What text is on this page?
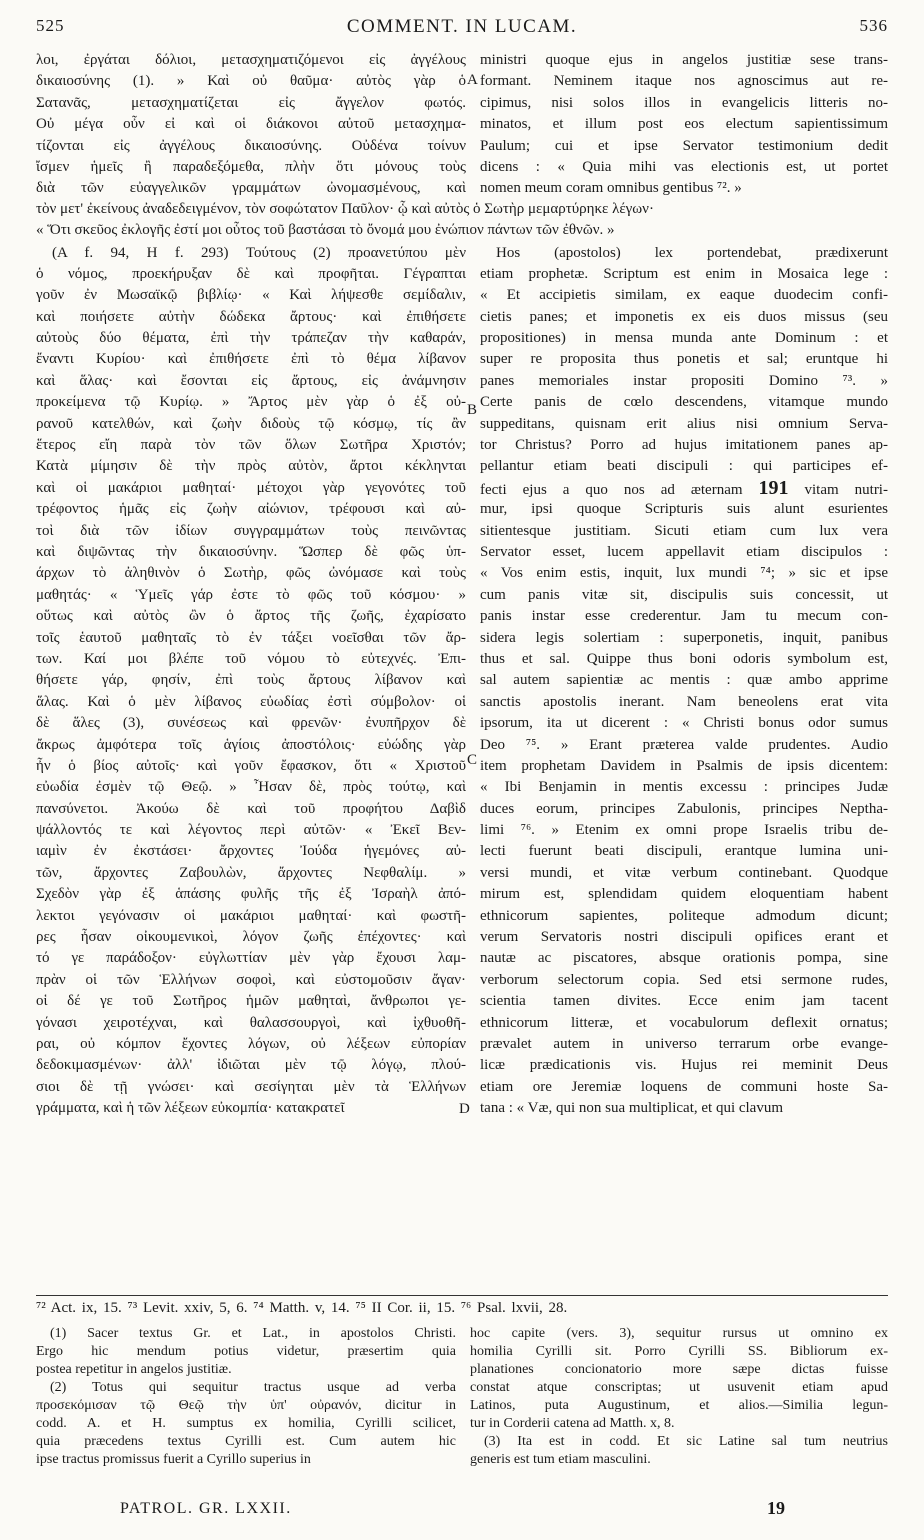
525	COMMENT. IN LUCAM.	536
λοι, ἐργάται δόλιοι, μετασχηματιζόμενοι εἰς ἀγγέλους
δικαιοσύνης (1). » Καὶ οὐ θαῦμα· αὐτὸς γὰρ ὁ
Σατανᾶς, μετασχηματίζεται εἰς ἄγγελον φωτός.
Οὐ μέγα οὖν εἰ καὶ οἱ διάκονοι αὐτοῦ μετασχημα-
τίζονται εἰς ἀγγέλους δικαιοσύνης. Οὐδένα τοίνυν
ἴσμεν ἡμεῖς ἢ παραδεξόμεθα, πλὴν ὅτι μόνους τοὺς
διὰ τῶν εὐαγγελικῶν γραμμάτων ὠνομασμένους, καὶ
(A f. 94, H f. 293) Τούτους (2) προανετύπου μὲν
ὁ νόμος, προεκήρυξαν δὲ καὶ προφῆται. Γέγραπται
γοῦν ἐν Μωσαϊκῷ βιβλίῳ· « Καὶ λήψεσθε σεμίδαλιν,
καὶ ποιήσετε αὐτὴν δώδεκα ἄρτους· καὶ ἐπιθήσετε
αὐτοὺς δύο θέματα, ἐπὶ τὴν τράπεζαν τὴν καθαράν,
ἔναντι Κυρίου· καὶ ἐπιθήσετε ἐπὶ τὸ θέμα λίβανον
καὶ ἅλας· καὶ ἔσονται εἰς ἄρτους, εἰς ἀνάμνησιν
προκείμενα τῷ Κυρίῳ. » Ἄρτος μὲν γὰρ ὁ ἐξ οὐ-
ρανοῦ κατελθών, καὶ ζωὴν διδοὺς τῷ κόσμῳ, τίς ἂν
ἕτερος εἴη παρὰ τὸν τῶν ὅλων Σωτῆρα Χριστόν;
Κατὰ μίμησιν δὲ τὴν πρὸς αὐτὸν, ἄρτοι κέκληνται
καὶ οἱ μακάριοι μαθηταί· μέτοχοι γὰρ γεγονότες τοῦ
τρέφοντος ἡμᾶς εἰς ζωὴν αἰώνιον, τρέφουσι καὶ αὐ-
τοὶ διὰ τῶν ἰδίων συγγραμμάτων τοὺς πεινῶντας
καὶ διψῶντας τὴν δικαιοσύνην. Ὥσπερ δὲ φῶς ὑπ-
άρχων τὸ ἀληθινὸν ὁ Σωτὴρ, φῶς ὠνόμασε καὶ τοὺς
μαθητάς· « Ὑμεῖς γάρ ἐστε τὸ φῶς τοῦ κόσμου· »
οὕτως καὶ αὐτὸς ὢν ὁ ἄρτος τῆς ζωῆς, ἐχαρίσατο
τοῖς ἑαυτοῦ μαθηταῖς τὸ ἐν τάξει νοεῖσθαι τῶν ἄρ-
των. Καί μοι βλέπε τοῦ νόμου τὸ εὐτεχνές. Ἐπι-
θήσετε γάρ, φησίν, ἐπὶ τοὺς ἄρτους λίβανον καὶ
ἅλας. Καὶ ὁ μὲν λίβανος εὐωδίας ἐστὶ σύμβολον· οἱ
δὲ ἅλες (3), συνέσεως καὶ φρενῶν· ἐνυπῆρχον δὲ
ἄκρως ἀμφότερα τοῖς ἁγίοις ἀποστόλοις· εὐώδης γὰρ
ἦν ὁ βίος αὐτοῖς· καὶ γοῦν ἔφασκον, ὅτι « Χριστοῦ
εὐωδία ἐσμὲν τῷ Θεῷ. » Ἦσαν δὲ, πρὸς τούτῳ, καὶ
πανσύνετοι. Ἀκούω δὲ καὶ τοῦ προφήτου Δαβὶδ
ψάλλοντός τε καὶ λέγοντος περὶ αὐτῶν· « Ἐκεῖ Βεν-
ιαμὶν ἐν ἐκστάσει· ἄρχοντες Ἰούδα ἡγεμόνες αὐ-
τῶν, ἄρχοντες Ζαβουλὼν, ἄρχοντες Νεφθαλίμ. »
Σχεδὸν γὰρ ἐξ ἁπάσης φυλῆς τῆς ἐξ Ἰσραὴλ ἀπό-
λεκτοι γεγόνασιν οἱ μακάριοι μαθηταί· καὶ φωστῆ-
ρες ἦσαν οἰκουμενικοὶ, λόγον ζωῆς ἐπέχοντες· καὶ
τό γε παράδοξον· εὐγλωττίαν μὲν γὰρ ἔχουσι λαμ-
πρὰν οἱ τῶν Ἑλλήνων σοφοὶ, καὶ εὐστομοῦσιν ἄγαν·
οἱ δέ γε τοῦ Σωτῆρος ἡμῶν μαθηταὶ, ἄνθρωποι γε-
γόνασι χειροτέχναι, καὶ θαλασσουργοὶ, καὶ ἰχθυοθῆ-
ραι, οὐ κόμπον ἔχοντες λόγων, οὐ λέξεων εὐπορίαν
δεδοκιμασμένων· ἀλλ' ἰδιῶται μὲν τῷ λόγῳ, πλού-
σιοι δὲ τῇ γνώσει· καὶ σεσίγηται μὲν τὰ Ἑλλήνων
γράμματα, καὶ ἡ τῶν λέξεων εὐκομπία· κατακρατεῖ
ministri quoque ejus in angelos justitiæ sese trans-
formant. Neminem itaque nos agnoscimus aut re-
cipimus, nisi solos illos in evangelicis litteris no-
minatos, et illum post eos electum sapientissimum
Paulum; cui et ipse Servator testimonium dedit
dicens : « Quia mihi vas electionis est, ut portet
nomen meum coram omnibus gentibus ⁷². »
Hos (apostolos) lex portendebat, prædixerunt
etiam prophetæ. Scriptum est enim in Mosaica lege :
« Et accipietis similam, ex eaque duodecim confi-
cietis panes; et imponetis ex eis duos missus (seu
propositiones) in mensa munda ante Dominum : et
super re proposita thus ponetis et sal; eruntque hi
panes memoriales instar propositi Domino ⁷³. »
Certe panis de cœlo descendens, vitamque mundo
suppeditans, quisnam erit alius nisi omnium Serva-
tor Christus? Porro ad hujus imitationem panes ap-
pellantur etiam beati discipuli : qui participes ef-
fecti ejus a quo nos ad æternam 191 vitam nutri-
mur, ipsi quoque Scripturis suis alunt esurientes
sitientesque justitiam. Sicuti etiam cum lux vera
Servator esset, lucem appellavit etiam discipulos :
« Vos enim estis, inquit, lux mundi ⁷⁴; » sic et ipse
cum panis vitæ sit, discipulis suis concessit, ut
panis instar esse crederentur. Jam tu mecum con-
sidera legis solertiam : superponetis, inquit, panibus
thus et sal. Quippe thus boni odoris symbolum est,
sal autem sapientiæ ac mentis : quæ ambo apprime
sanctis apostolis inerant. Nam beneolens erat vita
ipsorum, ita ut dicerent : « Christi bonus odor sumus
Deo ⁷⁵. » Erant præterea valde prudentes. Audio
item prophetam Davidem in Psalmis de ipsis dicentem:
« Ibi Benjamin in mentis excessu : principes Judæ
duces eorum, principes Zabulonis, principes Neptha-
limi ⁷⁶. » Etenim ex omni prope Israelis tribu de-
lecti fuerunt beati discipuli, erantque lumina uni-
versi mundi, et vitæ verbum continebant. Quodque
mirum est, splendidam quidem eloquentiam habent
ethnicorum sapientes, politeque admodum dicunt;
verum Servatoris nostri discipuli opifices erant et
nautæ ac piscatores, absque orationis pompa, sine
verborum selectorum copia. Sed etsi sermone rudes,
scientia tamen divites. Ecce enim jam tacent
ethnicorum litteræ, et vocabulorum deflexit ornatus;
prævalet autem in universo terrarum orbe evange-
licæ prædicationis vis. Hujus rei meminit Deus
etiam ore Jeremiæ loquens de communi hoste Sa-
tana : « Væ, qui non sua multiplicat, et qui clavum
τὸν μετ' ἐκείνους ἀναδεδειγμένον, τὸν σοφώτατον Παῦλον· ᾧ καὶ αὐτὸς ὁ Σωτὴρ μεμαρτύρηκε λέγων·
« Ὅτι σκεῦος ἐκλογῆς ἐστί μοι οὗτος τοῦ βαστάσαι τὸ ὄνομά μου ἐνώπιον πάντων τῶν ἐθνῶν. »
A
B
C
D
⁷² Act. ix, 15. ⁷³ Levit. xxiv, 5, 6. ⁷⁴ Matth. v, 14. ⁷⁵ II Cor. ii, 15. ⁷⁶ Psal. lxvii, 28.
(1) Sacer textus Gr. et Lat., in apostolos Christi.
Ergo hic mendum potius videtur, præsertim quia
postea repetitur in angelos justitiæ.
(2) Totus qui sequitur tractus usque ad verba
προσεκόμισαν τῷ Θεῷ τὴν ὑπ' οὐρανόν, dicitur in
codd. A. et H. sumptus ex homilia, Cyrilli scilicet,
quia præcedens textus Cyrilli est. Cum autem hic
ipse tractus promissus fuerit a Cyrillo superius in
hoc capite (vers. 3), sequitur rursus ut omnino ex
homilia Cyrilli sit. Porro Cyrilli SS. Bibliorum ex-
planationes concionatorio more sæpe dictas fuisse
constat atque conscriptas; ut usuvenit etiam apud
Latinos, puta Augustinum, et alios.—Similia legun-
tur in Corderii catena ad Matth. x, 8.
(3) Ita est in codd. Et sic Latine sal tum neutrius
generis est tum etiam masculini.
PATROL. GR. LXXII.	19
